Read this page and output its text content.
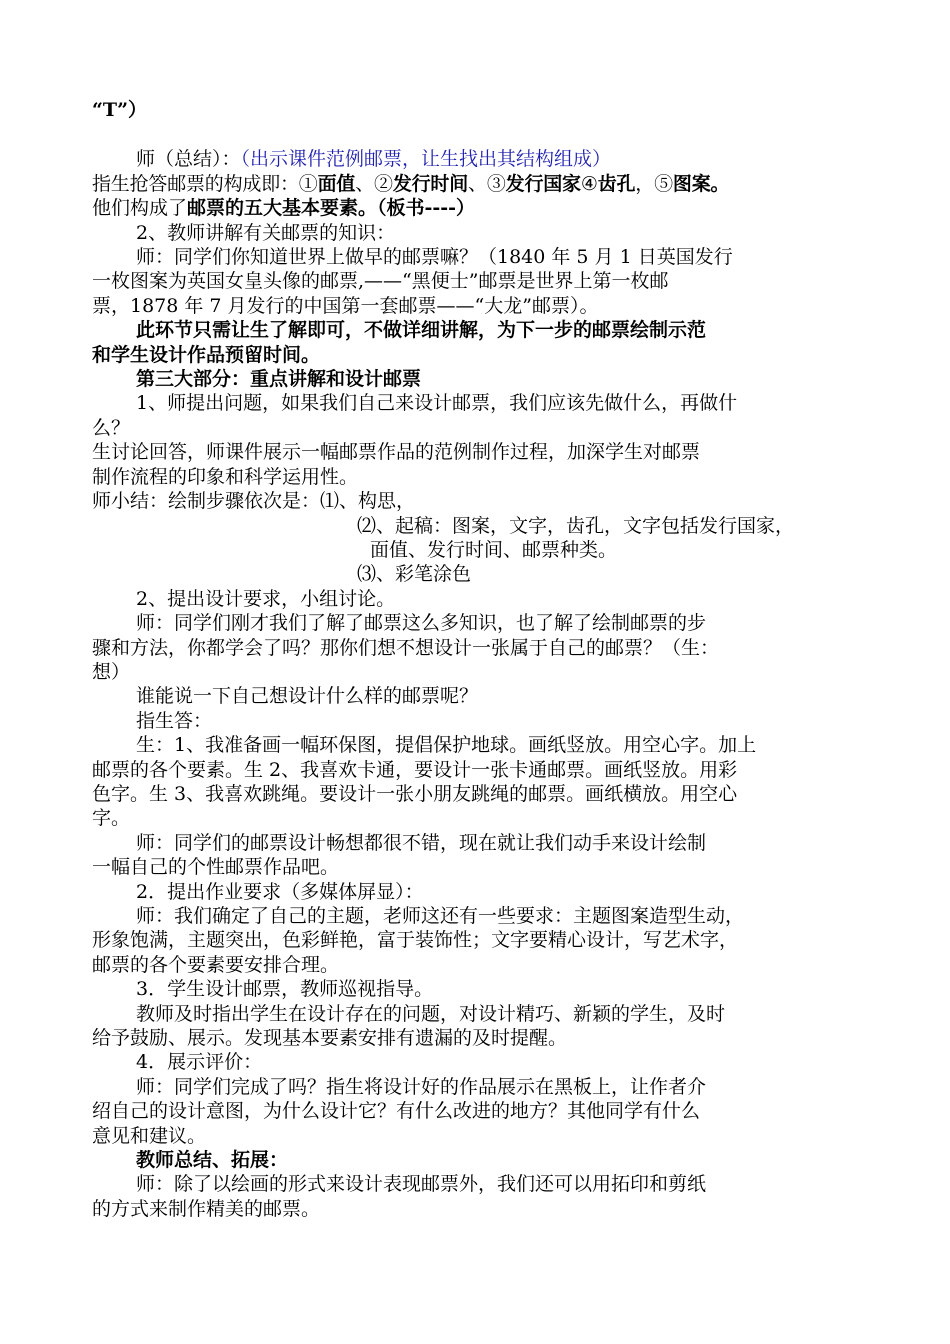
“T”）

师（总结）：（出示课件范例邮票，让生找出其结构组成）

指生抢答邮票的构成即：①面值、②发行时间、③发行国家④齿孔，⑤图案。

他们构成了邮票的五大基本要素。（板书----）

2、教师讲解有关邮票的知识：

师：同学们你知道世界上做早的邮票嘛？（1840 年 5 月 1 日英国发行

一枚图案为英国女皇头像的邮票,——“黑便士”邮票是世界上第一枚邮

票，1878 年 7 月发行的中国第一套邮票——“大龙”邮票）。

此环节只需让生了解即可，不做详细讲解，为下一步的邮票绘制示范

和学生设计作品预留时间。

第三大部分：重点讲解和设计邮票

1、师提出问题，如果我们自己来设计邮票，我们应该先做什么，再做什

么？

生讨论回答，师课件展示一幅邮票作品的范例制作过程，加深学生对邮票

制作流程的印象和科学运用性。

师小结：绘制步骤依次是：⑴、构思，

⑵、起稿：图案，文字，齿孔，文字包括发行国家，

面值、发行时间、邮票种类。

⑶、彩笔涂色

2、提出设计要求，小组讨论。

师：同学们刚才我们了解了邮票这么多知识，也了解了绘制邮票的步

骤和方法，你都学会了吗？那你们想不想设计一张属于自己的邮票？（生：

想）

谁能说一下自己想设计什么样的邮票呢？

指生答：

生：1、我准备画一幅环保图，提倡保护地球。画纸竖放。用空心字。加上

邮票的各个要素。生 2、我喜欢卡通，要设计一张卡通邮票。画纸竖放。用彩

色字。生 3、我喜欢跳绳。要设计一张小朋友跳绳的邮票。画纸横放。用空心

字。

师：同学们的邮票设计畅想都很不错，现在就让我们动手来设计绘制

一幅自己的个性邮票作品吧。

2．提出作业要求（多媒体屏显）：

师：我们确定了自己的主题，老师这还有一些要求：主题图案造型生动，

形象饱满，主题突出，色彩鲜艳，富于装饰性；文字要精心设计，写艺术字，

邮票的各个要素要安排合理。

3．学生设计邮票，教师巡视指导。

教师及时指出学生在设计存在的问题，对设计精巧、新颖的学生，及时

给予鼓励、展示。发现基本要素安排有遗漏的及时提醒。

4．展示评价：

师：同学们完成了吗？指生将设计好的作品展示在黑板上，让作者介

绍自己的设计意图，为什么设计它？有什么改进的地方？其他同学有什么

意见和建议。

教师总结、拓展：

师：除了以绘画的形式来设计表现邮票外，我们还可以用拓印和剪纸

的方式来制作精美的邮票。
